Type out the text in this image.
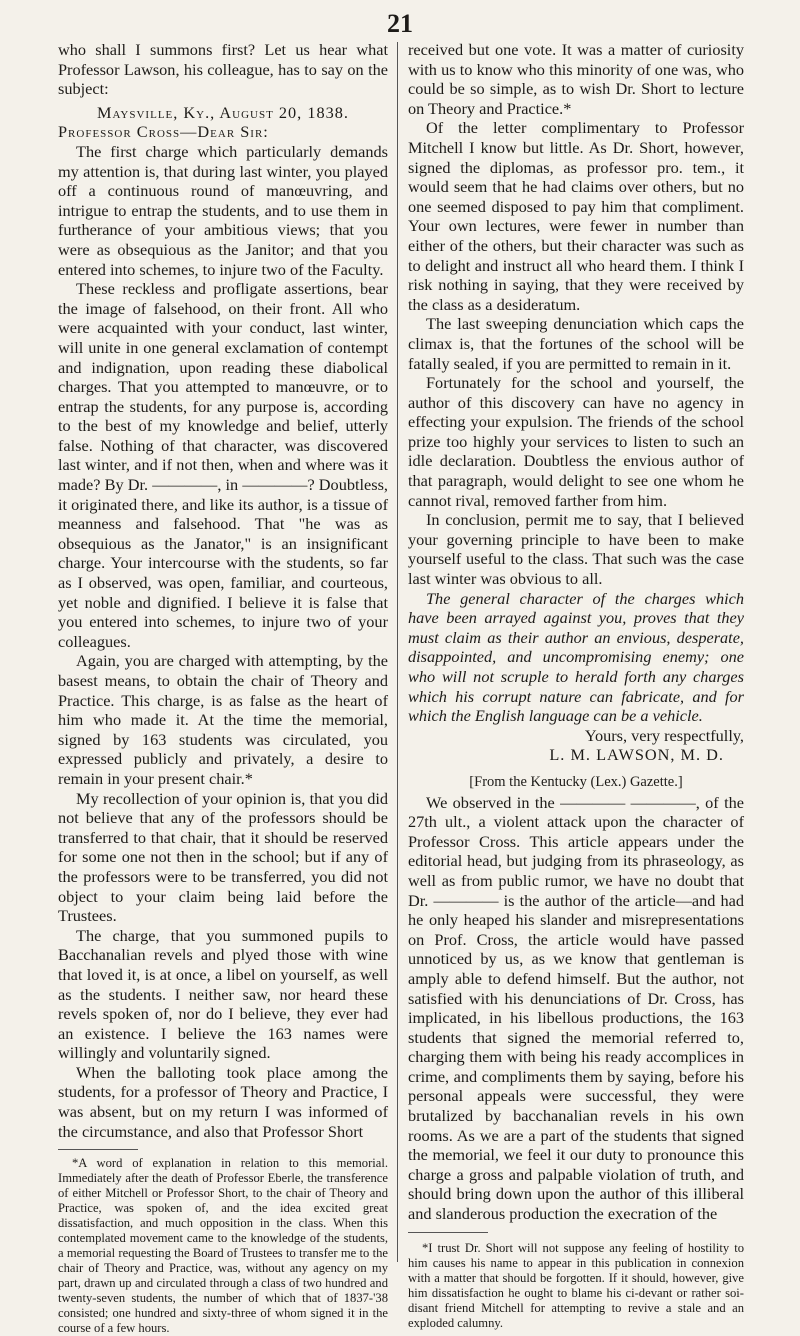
21

who shall I summons first? Let us hear what Professor Lawson, his colleague, has to say on the subject:

Maysville, Ky., August 20, 1838.

Professor Cross—Dear Sir:

The first charge which particularly demands my attention is, that during last winter, you played off a continuous round of manœuvring, and intrigue to entrap the students, and to use them in furtherance of your ambitious views; that you were as obsequious as the Janitor; and that you entered into schemes, to injure two of the Faculty.

These reckless and profligate assertions, bear the image of falsehood, on their front. All who were acquainted with your conduct, last winter, will unite in one general exclamation of contempt and indignation, upon reading these diabolical charges. That you attempted to manœuvre, or to entrap the students, for any purpose is, according to the best of my knowledge and belief, utterly false. Nothing of that character, was discovered last winter, and if not then, when and where was it made? By Dr. ————, in ————? Doubtless, it originated there, and like its author, is a tissue of meanness and falsehood. That "he was as obsequious as the Janator," is an insignificant charge. Your intercourse with the students, so far as I observed, was open, familiar, and courteous, yet noble and dignified. I believe it is false that you entered into schemes, to injure two of your colleagues.

Again, you are charged with attempting, by the basest means, to obtain the chair of Theory and Practice. This charge, is as false as the heart of him who made it. At the time the memorial, signed by 163 students was circulated, you expressed publicly and privately, a desire to remain in your present chair.*

My recollection of your opinion is, that you did not believe that any of the professors should be transferred to that chair, that it should be reserved for some one not then in the school; but if any of the professors were to be transferred, you did not object to your claim being laid before the Trustees.

The charge, that you summoned pupils to Bacchanalian revels and plyed those with wine that loved it, is at once, a libel on yourself, as well as the students. I neither saw, nor heard these revels spoken of, nor do I believe, they ever had an existence. I believe the 163 names were willingly and voluntarily signed.

When the balloting took place among the students, for a professor of Theory and Practice, I was absent, but on my return I was informed of the circumstance, and also that Professor Short

*A word of explanation in relation to this memorial. Immediately after the death of Professor Eberle, the transference of either Mitchell or Professor Short, to the chair of Theory and Practice, was spoken of, and the idea excited great dissatisfaction, and much opposition in the class. When this contemplated movement came to the knowledge of the students, a memorial requesting the Board of Trustees to transfer me to the chair of Theory and Practice, was, without any agency on my part, drawn up and circulated through a class of two hundred and twenty-seven students, the number of which that of 1837-'38 consisted; one hundred and sixty-three of whom signed it in the course of a few hours.

received but one vote. It was a matter of curiosity with us to know who this minority of one was, who could be so simple, as to wish Dr. Short to lecture on Theory and Practice.*

Of the letter complimentary to Professor Mitchell I know but little. As Dr. Short, however, signed the diplomas, as professor pro. tem., it would seem that he had claims over others, but no one seemed disposed to pay him that compliment. Your own lectures, were fewer in number than either of the others, but their character was such as to delight and instruct all who heard them. I think I risk nothing in saying, that they were received by the class as a desideratum.

The last sweeping denunciation which caps the climax is, that the fortunes of the school will be fatally sealed, if you are permitted to remain in it.

Fortunately for the school and yourself, the author of this discovery can have no agency in effecting your expulsion. The friends of the school prize too highly your services to listen to such an idle declaration. Doubtless the envious author of that paragraph, would delight to see one whom he cannot rival, removed farther from him.

In conclusion, permit me to say, that I believed your governing principle to have been to make yourself useful to the class. That such was the case last winter was obvious to all.

The general character of the charges which have been arrayed against you, proves that they must claim as their author an envious, desperate, disappointed, and uncompromising enemy; one who will not scruple to herald forth any charges which his corrupt nature can fabricate, and for which the English language can be a vehicle.

Yours, very respectfully,

L. M. LAWSON, M. D.

[From the Kentucky (Lex.) Gazette.]

We observed in the ———— ————, of the 27th ult., a violent attack upon the character of Professor Cross. This article appears under the editorial head, but judging from its phraseology, as well as from public rumor, we have no doubt that Dr. ———— is the author of the article—and had he only heaped his slander and misrepresentations on Prof. Cross, the article would have passed unnoticed by us, as we know that gentleman is amply able to defend himself. But the author, not satisfied with his denunciations of Dr. Cross, has implicated, in his libellous productions, the 163 students that signed the memorial referred to, charging them with being his ready accomplices in crime, and compliments them by saying, before his personal appeals were successful, they were brutalized by bacchanalian revels in his own rooms. As we are a part of the students that signed the memorial, we feel it our duty to pronounce this charge a gross and palpable violation of truth, and should bring down upon the author of this illiberal and slanderous production the execration of the

*I trust Dr. Short will not suppose any feeling of hostility to him causes his name to appear in this publication in connexion with a matter that should be forgotten. If it should, however, give him dissatisfaction he ought to blame his ci-devant or rather soi-disant friend Mitchell for attempting to revive a stale and an exploded calumny.
